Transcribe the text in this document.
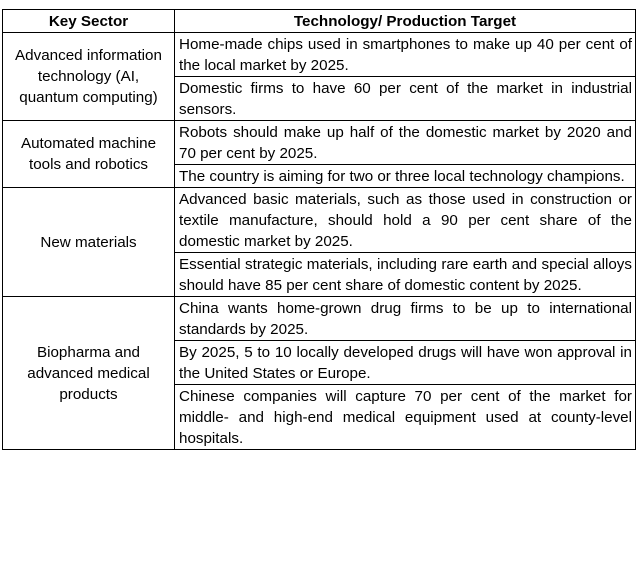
Key Sector	Technology/ Production Target
Advanced information technology (AI, quantum computing)	Home-made chips used in smartphones to make up 40 per cent of the local market by 2025.
	Domestic firms to have 60 per cent of the market in industrial sensors.
Automated machine tools and robotics	Robots should make up half of the domestic market by 2020 and 70 per cent by 2025.
	The country is aiming for two or three local technology champions.
New materials	Advanced basic materials, such as those used in construction or textile manufacture, should hold a 90 per cent share of the domestic market by 2025.
	Essential strategic materials, including rare earth and special alloys should have 85 per cent share of domestic content by 2025.
Biopharma and advanced medical products	China wants home-grown drug firms to be up to international standards by 2025.
	By 2025, 5 to 10 locally developed drugs will have won approval in the United States or Europe.
	Chinese companies will capture 70 per cent of the market for middle- and high-end medical equipment used at county-level hospitals.
